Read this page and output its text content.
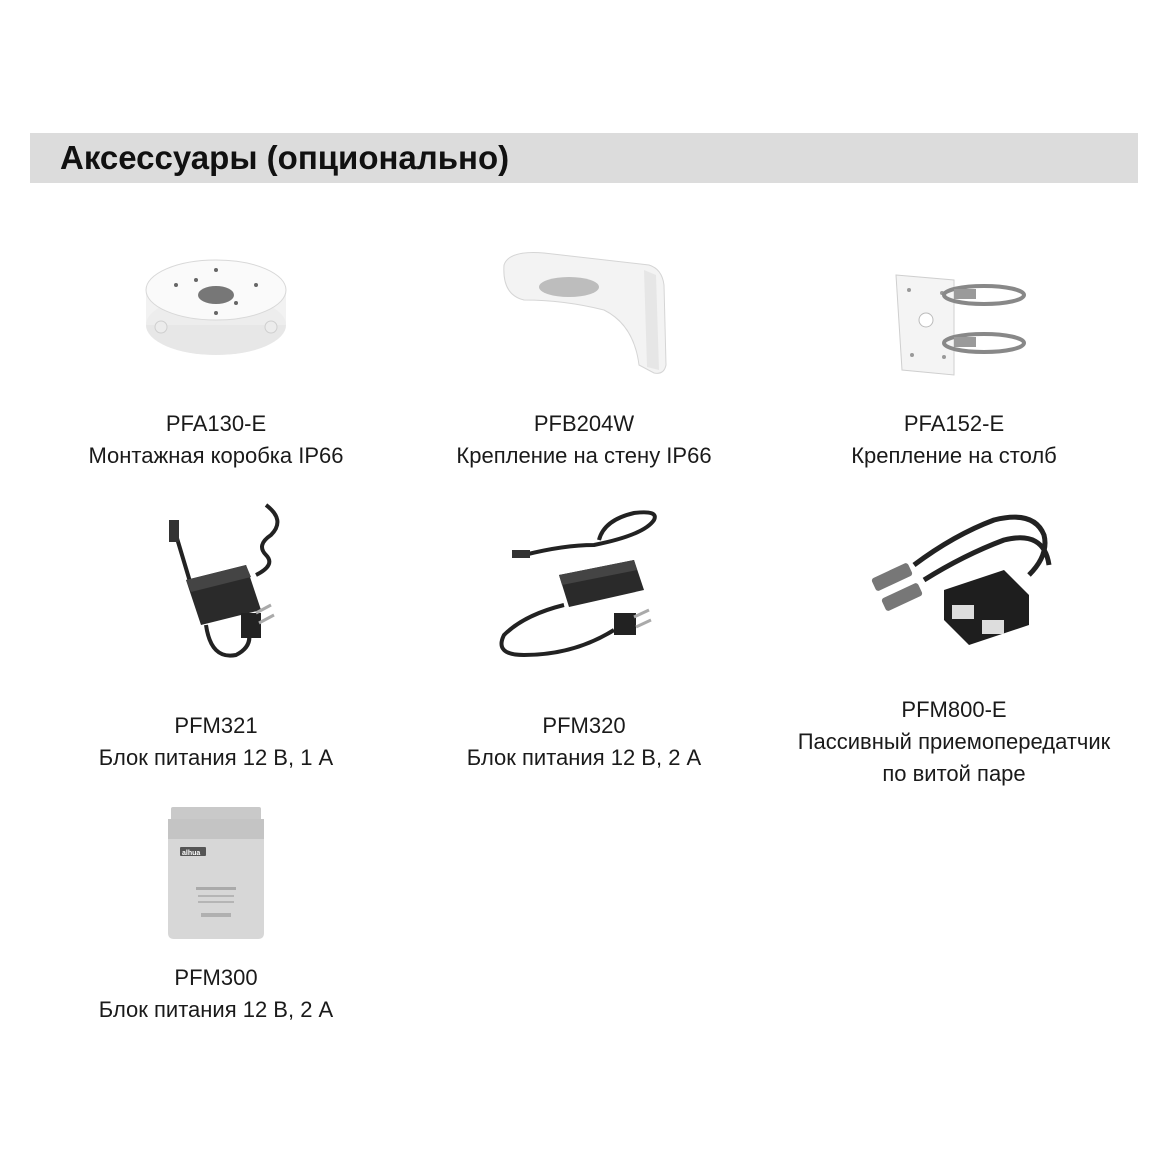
Аксессуары (опционально)
PFA130-E
Монтажная коробка IP66
PFB204W
Крепление на стену IP66
PFA152-E
Крепление на столб
PFM321
Блок питания 12 В, 1 А
PFM320
Блок питания 12 В, 2 А
PFM800-E
Пассивный приемопередатчик
по витой паре
alhua
PFM300
Блок питания 12 В, 2 А
